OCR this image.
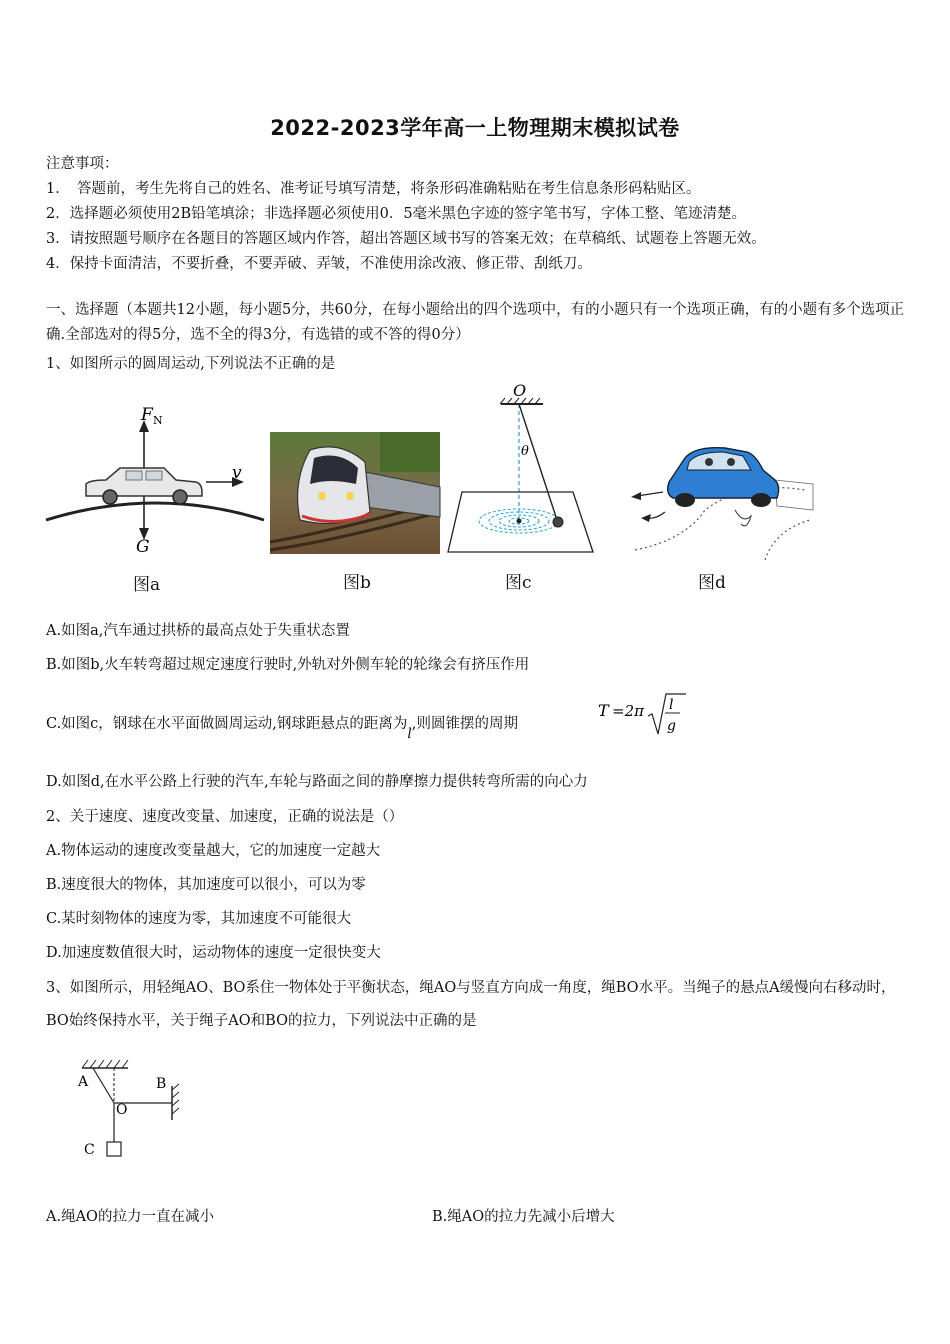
2022-2023学年高一上物理期末模拟试卷
注意事项：
1．　答题前，考生先将自己的姓名、准考证号填写清楚，将条形码准确粘贴在考生信息条形码粘贴区。
2．选择题必须使用2B铅笔填涂；非选择题必须使用0．5毫米黑色字迹的签字笔书写，字体工整、笔迹清楚。
3．请按照题号顺序在各题目的答题区域内作答，超出答题区域书写的答案无效；在草稿纸、试题卷上答题无效。
4．保持卡面清洁，不要折叠，不要弄破、弄皱，不准使用涂改液、修正带、刮纸刀。
一、选择题（本题共12小题，每小题5分，共60分，在每小题给出的四个选项中，有的小题只有一个选项正确，有的小题有多个选项正确.全部选对的得5分，选不全的得3分，有选错的或不答的得0分）
1、如图所示的圆周运动,下列说法不正确的是
F N
G
v
图a	图b
O
θ
图c	图d
A.如图a,汽车通过拱桥的最高点处于失重状态置
B.如图b,火车转弯超过规定速度行驶时,外轨对外侧车轮的轮缘会有挤压作用
C.如图c，钢球在水平面做圆周运动,钢球距悬点的距离为l,则圆锥摆的周期
T =2π l
g
D.如图d,在水平公路上行驶的汽车,车轮与路面之间的静摩擦力提供转弯所需的向心力
2、关于速度、速度改变量、加速度，正确的说法是（）
A.物体运动的速度改变量越大，它的加速度一定越大
B.速度很大的物体，其加速度可以很小，可以为零
C.某时刻物体的速度为零，其加速度不可能很大
D.加速度数值很大时，运动物体的速度一定很快变大
3、如图所示，用轻绳AO、BO系住一物体处于平衡状态，绳AO与竖直方向成一角度，绳BO水平。当绳子的悬点A缓慢向右移动时，BO始终保持水平，关于绳子AO和BO的拉力，下列说法中正确的是
A	B
O
C
A.绳AO的拉力一直在减小	B.绳AO的拉力先减小后增大
